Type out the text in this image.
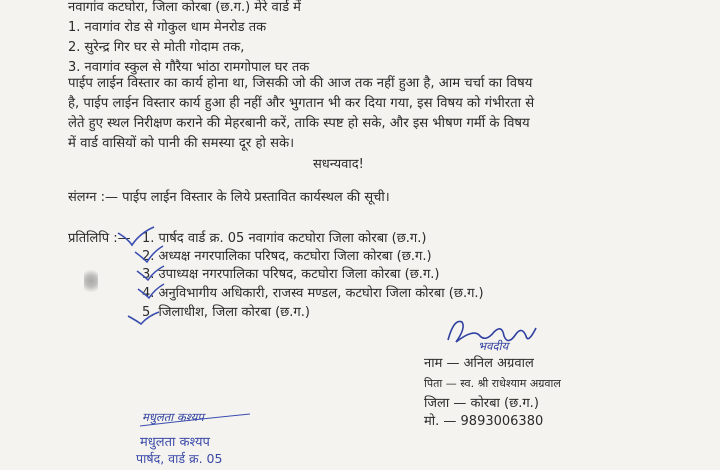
नवागांव कटघोरा, जिला कोरबा (छ.ग.) मेरे वार्ड में
1. नवागांव रोड से गोकुल धाम मेनरोड तक
2. सुरेन्द्र गिर घर से मोती गोदाम तक,
3. नवागांव स्कुल से गौरैया भांठा रामगोपाल घर तक
पाईप लाईन विस्तार का कार्य होना था, जिसकी जो की आज तक नहीं हुआ है, आम चर्चा का विषय
है, पाईप लाईन विस्तार कार्य हुआ ही नहीं और भुगतान भी कर दिया गया, इस विषय को गंभीरता से
लेते हुए स्थल निरीक्षण कराने की मेहरबानी करें, ताकि स्पष्ट हो सके, और इस भीषण गर्मी के विषय
में वार्ड वासियों को पानी की समस्या दूर हो सके।
सधन्यवाद!
संलग्न :— पाईप लाईन विस्तार के लिये प्रस्तावित कार्यस्थल की सूची।
प्रतिलिपि :— 1. पार्षद वार्ड क्र. 05 नवागांव कटघोरा जिला कोरबा (छ.ग.)
2. अध्यक्ष नगरपालिका परिषद, कटघोरा जिला कोरबा (छ.ग.)
3. उपाध्यक्ष नगरपालिका परिषद, कटघोरा जिला कोरबा (छ.ग.)
4. अनुविभागीय अधिकारी, राजस्व मण्डल, कटघोरा जिला कोरबा (छ.ग.)
5. जिलाधीश, जिला कोरबा (छ.ग.)
भवदीय
नाम — अनिल अग्रवाल
पिता — स्व. श्री राधेश्याम अग्रवाल
जिला — कोरबा (छ.ग.)
मो. — 9893006380
मधुलता कश्यप
मधुलता कश्यप
पार्षद, वार्ड क्र. 05
